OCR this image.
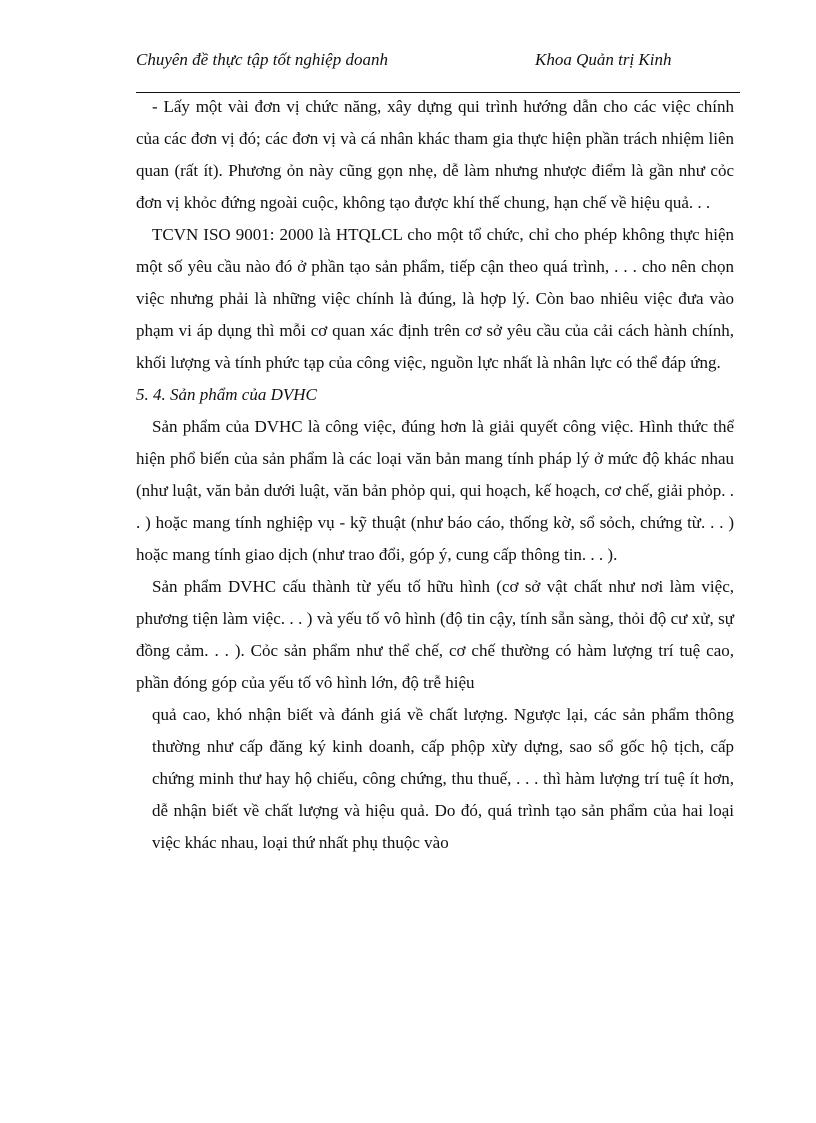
Chuyên đề thực tập tốt nghiệp doanh	Khoa Quản trị Kinh

- Lấy một vài đơn vị chức năng, xây dựng qui trình hướng dẫn cho các việc chính của các đơn vị đó; các đơn vị và cá nhân khác tham gia thực hiện phần trách nhiệm liên quan (rất ít). Phương ỏn này cũng gọn nhẹ, dễ làm nhưng nhược điểm là gần như cỏc đơn vị khỏc đứng ngoài cuộc, không tạo được khí thế chung, hạn chế về hiệu quả. . .

TCVN ISO 9001: 2000 là HTQLCL cho một tổ chức, chỉ cho phép không thực hiện một số yêu cầu nào đó ở phần tạo sản phẩm, tiếp cận theo quá trình, . . . cho nên chọn việc nhưng phải là những việc chính là đúng, là hợp lý. Còn bao nhiêu việc đưa vào phạm vi áp dụng thì mỗi cơ quan xác định trên cơ sở yêu cầu của cải cách hành chính, khối lượng và tính phức tạp của công việc, nguồn lực nhất là nhân lực có thể đáp ứng.

5. 4. Sản phẩm của DVHC

Sản phẩm của DVHC là công việc, đúng hơn là giải quyết công việc. Hình thức thể hiện phổ biến của sản phẩm là các loại văn bản mang tính pháp lý ở mức độ khác nhau (như luật, văn bản dưới luật, văn bản phỏp qui, qui hoạch, kế hoạch, cơ chế, giải phỏp. . . ) hoặc mang tính nghiệp vụ - kỹ thuật (như báo cáo, thống kờ, sổ sỏch, chứng từ. . . ) hoặc mang tính giao dịch (như trao đổi, góp ý, cung cấp thông tin. . . ).

Sản phẩm DVHC cấu thành từ yếu tố hữu hình (cơ sở vật chất như nơi làm việc, phương tiện làm việc. . . ) và yếu tố vô hình (độ tin cậy, tính sẵn sàng, thỏi độ cư xử, sự đồng cảm. . . ). Cỏc sản phẩm như thể chế, cơ chế thường có hàm lượng trí tuệ cao, phần đóng góp của yếu tố vô hình lớn, độ trễ hiệu

quả cao, khó nhận biết và đánh giá về chất lượng. Ngược lại, các sản phẩm thông thường như cấp đăng ký kinh doanh, cấp phộp xừy dựng, sao sổ gốc hộ tịch, cấp chứng minh thư hay hộ chiếu, công chứng, thu thuế, . . . thì hàm lượng trí tuệ ít hơn, dễ nhận biết về chất lượng và hiệu quả. Do đó, quá trình tạo sản phẩm của hai loại việc khác nhau, loại thứ nhất phụ thuộc vào
